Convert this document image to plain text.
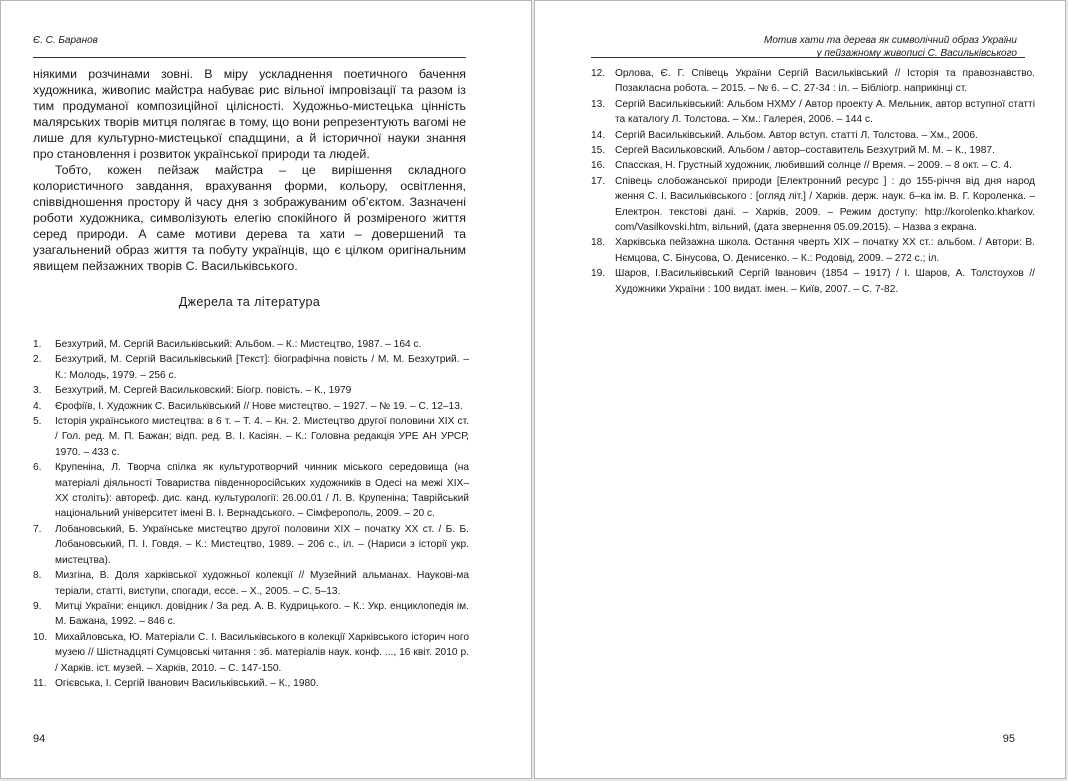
Є. С. Баранов

ніякими розчинами зовні. В міру ускладнення поетичного бачення художника, живопис майстра набуває рис вільної імпровізації та разом із тим продуманої композиційної цілісності. Художньо-мистецька цінність малярських творів митця полягає в тому, що вони репрезентують вагомі не лише для культурно-мистецької спадщини, а й історичної науки знання про становлення і розвиток української природи та людей.

Тобто, кожен пейзаж майстра – це вирішення складного колористичного завдання, врахування форми, кольору, освітлення, співвідношення простору й часу дня з зображуваним об’єктом. Зазначені роботи художника, символізують елегію спокійного й розміреного життя серед природи. А саме мотиви дерева та хати – довершений та узагальнений образ життя та побуту українців, що є цілком оригінальним явищем пейзажних творів С. Васильківського.

Джерела та література
1.	Безхутрий, М. Сергій Васильківський: Альбом. – К.: Мистецтво, 1987. – 164 с.
2.	Безхутрий, М. Сергій Васильківський [Текст]: біографічна повість / М. М. Безхутрий. – К.: Молодь, 1979. – 256 с.
3.	Безхутрий, М. Сергей Васильковский: Біогр. повість. – К., 1979
4.	Єрофіїв, І. Художник С. Васильківський // Нове мистецтво. – 1927. – № 19. – С. 12–13.
5.	Історія українського мистецтва: в 6 т. – Т. 4. – Кн. 2. Мистецтво другої половини XIX ст. / Гол. ред. М. П. Бажан; відп. ред. В. І. Касіян. – К.: Головна редакція УРЕ АН УРСР, 1970. – 433 с.
6.	Крупеніна, Л. Творча спілка як культуротворчий чинник міського середовища (на матеріалі діяльності Товариства південноросійських художників в Одесі на межі XIX–XX століть): автореф. дис. канд. культурології: 26.00.01 / Л. В. Крупеніна; Таврійський національний університет імені В. І. Вернадського. – Сімферополь, 2009. – 20 с.
7.	Лобановський, Б. Українське мистецтво другої половини XIX – початку XX ст. / Б. Б. Лобановський, П. І. Говдя. – К.: Мистецтво, 1989. – 206 с., іл. – (Нариси з історії укр. мистецтва).
8.	Мизгіна, В. Доля харківської художньої колекції // Музейний альманах. Наукові-ма теріали, статті, виступи, спогади, ессе. – Х., 2005. – С. 5–13.
9.	Митці України: енцикл. довідник / За ред. А. В. Кудрицького. – К.: Укр. енциклопедія ім. М. Бажана, 1992. – 846 с.
10. Михайловська, Ю. Матеріали С. І. Васильківського в колекції Харківського історич ного музею // Шістнадцяті Сумцовські читання : зб. матеріалів наук. конф. ..., 16 квіт. 2010 р. / Харків. іст. музей. – Харків, 2010. – С. 147-150.
11. Огієвська, І. Сергій Іванович Васильківський. – К., 1980.
94
Мотив хати та дерева як символічний образ України
у пейзажному живописі С. Васильківського
12. Орлова, Є. Г. Співець України Сергій Васильківський // Історія та правознавство. Позакласна робота. – 2015. – № 6. – С. 27-34 : іл. – Бібліогр. наприкінці ст.
13. Сергій Васильківський: Альбом НХМУ / Автор проекту А. Мельник, автор вступної статті та каталогу Л. Толстова. – Хм.: Галерея, 2006. – 144 с.
14. Сергій Васильківський. Альбом. Автор вступ. статті Л. Толстова. – Хм., 2006.
15. Сергей Васильковский. Альбом / автор–составитель Безхутрий М. М. – К., 1987.
16. Спасская, Н. Грустный художник, любивший солнце // Время. – 2009. – 8 окт. – С. 4.
17. Співець слобожанської природи [Електронний ресурс ] : до 155-річчя від дня народ ження С. І. Васильківського : [огляд літ.] / Харків. держ. наук. б–ка ім. В. Г. Короленка. – Електрон. текстові дані. – Харків, 2009. – Режим доступу: http://korolenko.kharkov. com/Vasilkovski.htm, вільний, (дата звернення 05.09.2015). – Назва з екрана.
18. Харківська пейзажна школа. Остання чверть XIX – початку XX ст.: альбом. / Автори: В. Нємцова, С. Бінусова, О. Денисенко. – К.: Родовід, 2009. – 272 с.; іл.
19. Шаров, І.Васильківський Сергій Іванович (1854 – 1917) / І. Шаров, А. Толстоухов // Художники України : 100 видат. імен. – Київ, 2007. – С. 7-82.
95
